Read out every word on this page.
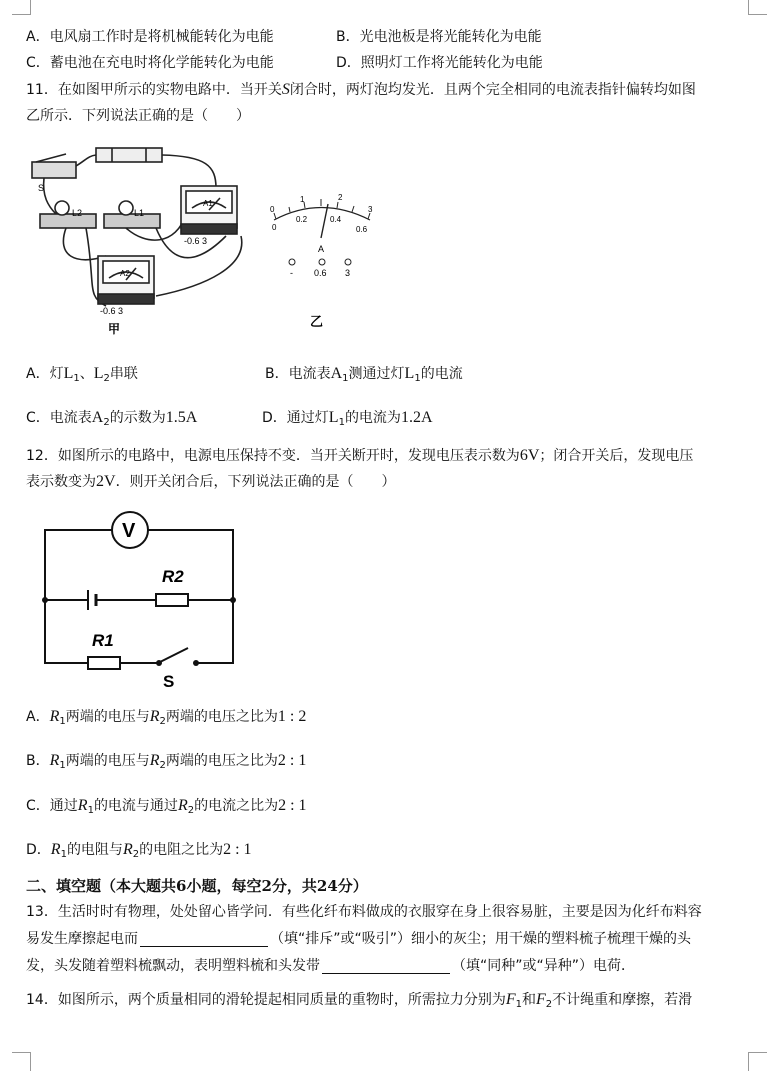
A．电风扇工作时是将机械能转化为电能	B．光电池板是将光能转化为电能
C．蓄电池在充电时将化学能转化为电能	D．照明灯工作将光能转化为电能
11．在如图甲所示的实物电路中．当开关S闭合时，两灯泡均发光．且两个完全相同的电流表指针偏转均如图
乙所示．下列说法正确的是（　　）
S
L2	L1
A1
A2
-0.6 3
-0.6 3
甲
0
1	2
3
0
0.2	0.4
0.6
A
- 0.6 3
乙
A．灯$L_1$、$L_2$串联	B．电流表$A_1$测通过灯$L_1$的电流
C．电流表$A_2$的示数为1.5A	D．通过灯$L_1$的电流为1.2A
12．如图所示的电路中，电源电压保持不变．当开关断开时，发现电压表示数为6V；闭合开关后，发现电压
表示数变为2V．则开关闭合后，下列说法正确的是（　　）
V
R2
R1
S
A．$R_1$两端的电压与$R_2$两端的电压之比为1 : 2
B．$R_1$两端的电压与$R_2$两端的电压之比为2 : 1
C．通过$R_1$的电流与通过$R_2$的电流之比为2 : 1
D．$R_1$的电阻与$R_2$的电阻之比为2 : 1
二、填空题（本大题共6小题，每空2分，共24分）
13．生活时时有物理，处处留心皆学问．有些化纤布料做成的衣服穿在身上很容易脏，主要是因为化纤布料容
易发生摩擦起电而	（填“排斥”或“吸引”）细小的灰尘；用干燥的塑料梳子梳理干燥的头
发，头发随着塑料梳飘动，表明塑料梳和头发带	（填“同种”或“异种”）电荷．
14．如图所示，两个质量相同的滑轮提起相同质量的重物时，所需拉力分别为$F_1$和$F_2$不计绳重和摩擦，若滑
